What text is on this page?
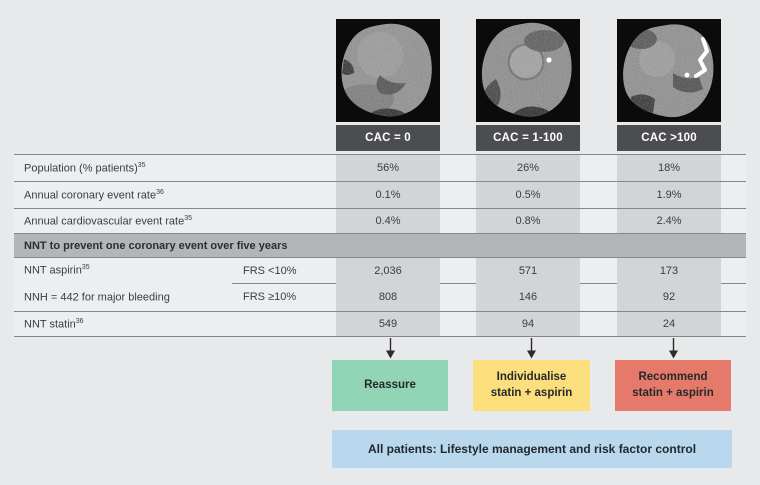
CAC = 0	CAC = 1-100	CAC >100
Population (% patients)$^{35}$	56%	26%	18%
Annual coronary event rate$^{36}$	0.1%	0.5%	1.9%
Annual cardiovascular event rate$^{35}$	0.4%	0.8%	2.4%
NNT to prevent one coronary event over five years
NNT aspirin$^{35}$	FRS <10%	2,036	571	173
NNH = 442 for major bleeding	FRS ≥10%	808	146	92
NNT statin$^{36}$	549	94	24
Reassure
Individualise statin + aspirin
Recommend statin + aspirin
All patients: Lifestyle management and risk factor control
